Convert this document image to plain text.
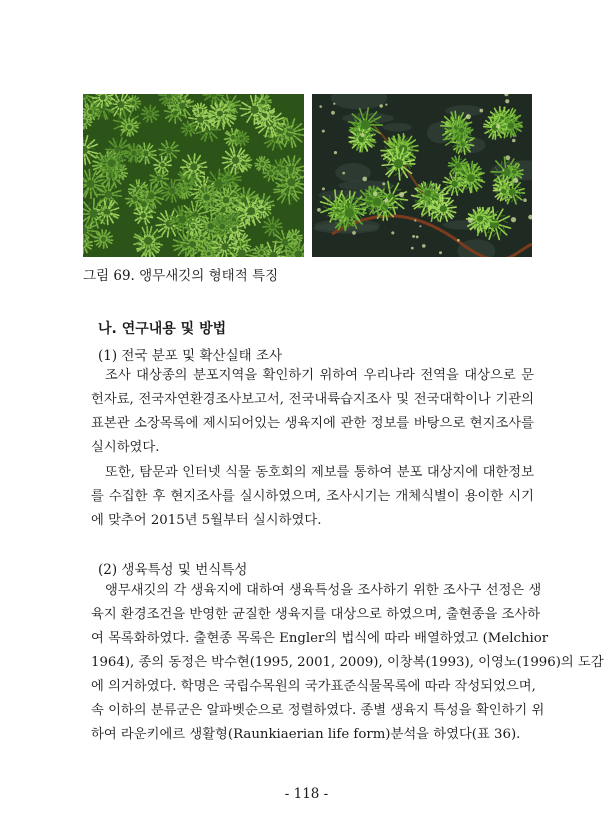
그림 69. 앵무새깃의 형태적 특징
나. 연구내용 및 방법
(1) 전국 분포 및 확산실태 조사
조사 대상종의 분포지역을 확인하기 위하여 우리나라 전역을 대상으로 문
헌자료, 전국자연환경조사보고서, 전국내륙습지조사 및 전국대학이나 기관의
표본관 소장목록에 제시되어있는 생육지에 관한 정보를 바탕으로 현지조사를
실시하였다.
또한, 탐문과 인터넷 식물 동호회의 제보를 통하여 분포 대상지에 대한정보
를 수집한 후 현지조사를 실시하였으며, 조사시기는 개체식별이 용이한 시기
에 맞추어 2015년 5월부터 실시하였다.
(2) 생육특성 및 번식특성
앵무새깃의 각 생육지에 대하여 생육특성을 조사하기 위한 조사구 선정은 생
육지 환경조건을 반영한 균질한 생육지를 대상으로 하였으며, 출현종을 조사하
여 목록화하였다. 출현종 목록은 Engler의 법식에 따라 배열하였고 (Melchior
1964), 종의 동정은 박수현(1995, 2001, 2009), 이창복(1993), 이영노(1996)의 도감
에 의거하였다. 학명은 국립수목원의 국가표준식물목록에 따라 작성되었으며,
속 이하의 분류군은 알파벳순으로 정렬하였다. 종별 생육지 특성을 확인하기 위
하여 라운키에르 생활형(Raunkiaerian life form)분석을 하였다(표 36).
- 118 -
